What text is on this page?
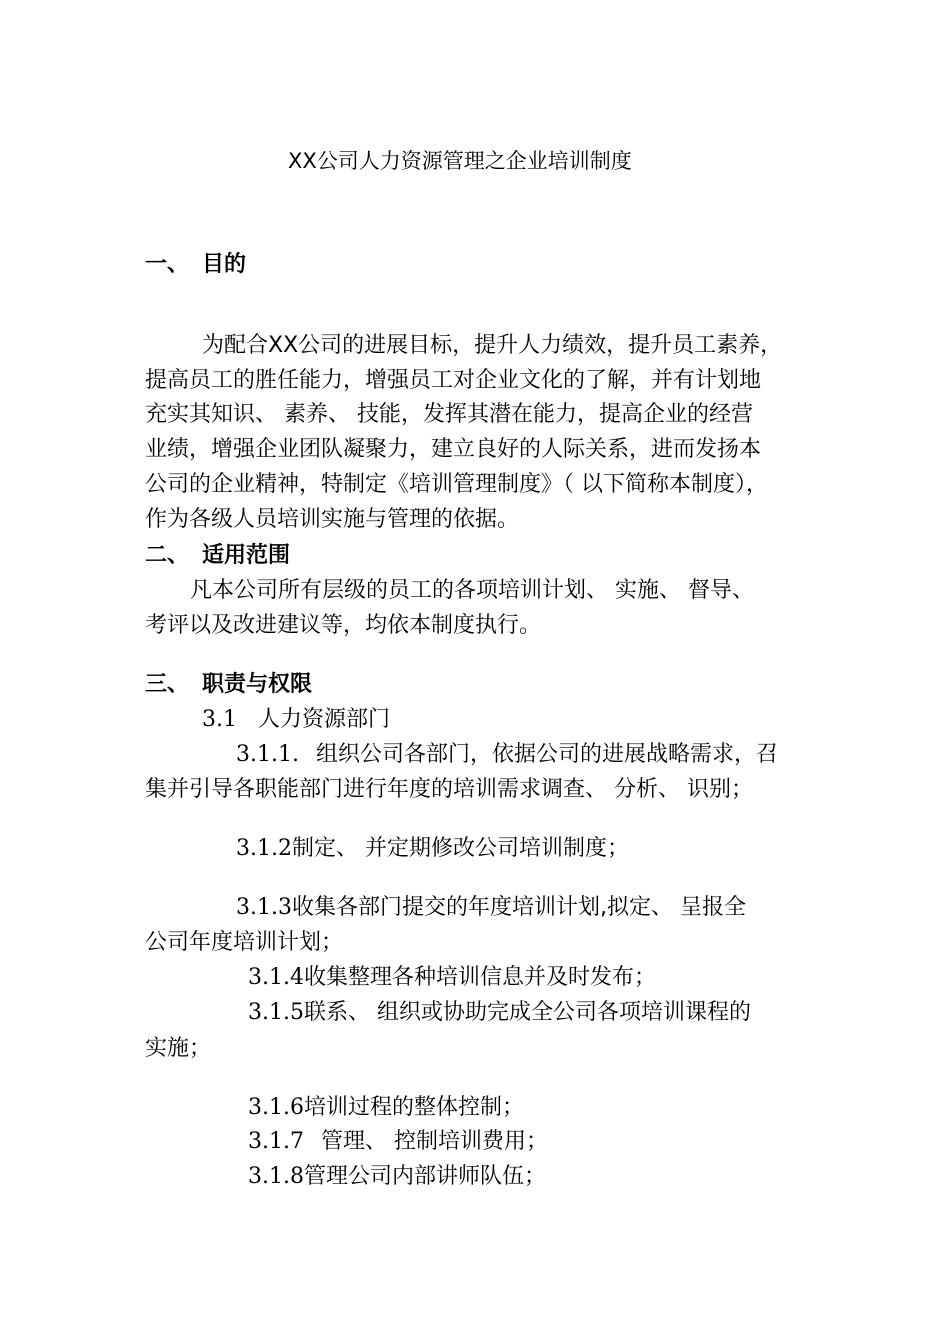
XX公司人力资源管理之企业培训制度
一、 目的
为配合XX公司的进展目标，提升人力绩效，提升员工素养，
提高员工的胜任能力，增强员工对企业文化的了解，并有计划地
充实其知识、 素养、 技能，发挥其潜在能力，提高企业的经营
业绩，增强企业团队凝聚力，建立良好的人际关系，进而发扬本
公司的企业精神，特制定《培训管理制度》（ 以下简称本制度），
作为各级人员培训实施与管理的依据。
二、 适用范围
凡本公司所有层级的员工的各项培训计划、 实施、 督导、
考评以及改进建议等，均依本制度执行。
三、 职责与权限
3.1 人力资源部门
3.1.1. 组织公司各部门，依据公司的进展战略需求，召
集并引导各职能部门进行年度的培训需求调查、 分析、 识别；
3.1.2制定、 并定期修改公司培训制度；
3.1.3收集各部门提交的年度培训计划,拟定、 呈报全
公司年度培训计划；
3.1.4收集整理各种培训信息并及时发布；
3.1.5联系、 组织或协助完成全公司各项培训课程的
实施；
3.1.6培训过程的整体控制；
3.1.7 管理、 控制培训费用；
3.1.8管理公司内部讲师队伍；
